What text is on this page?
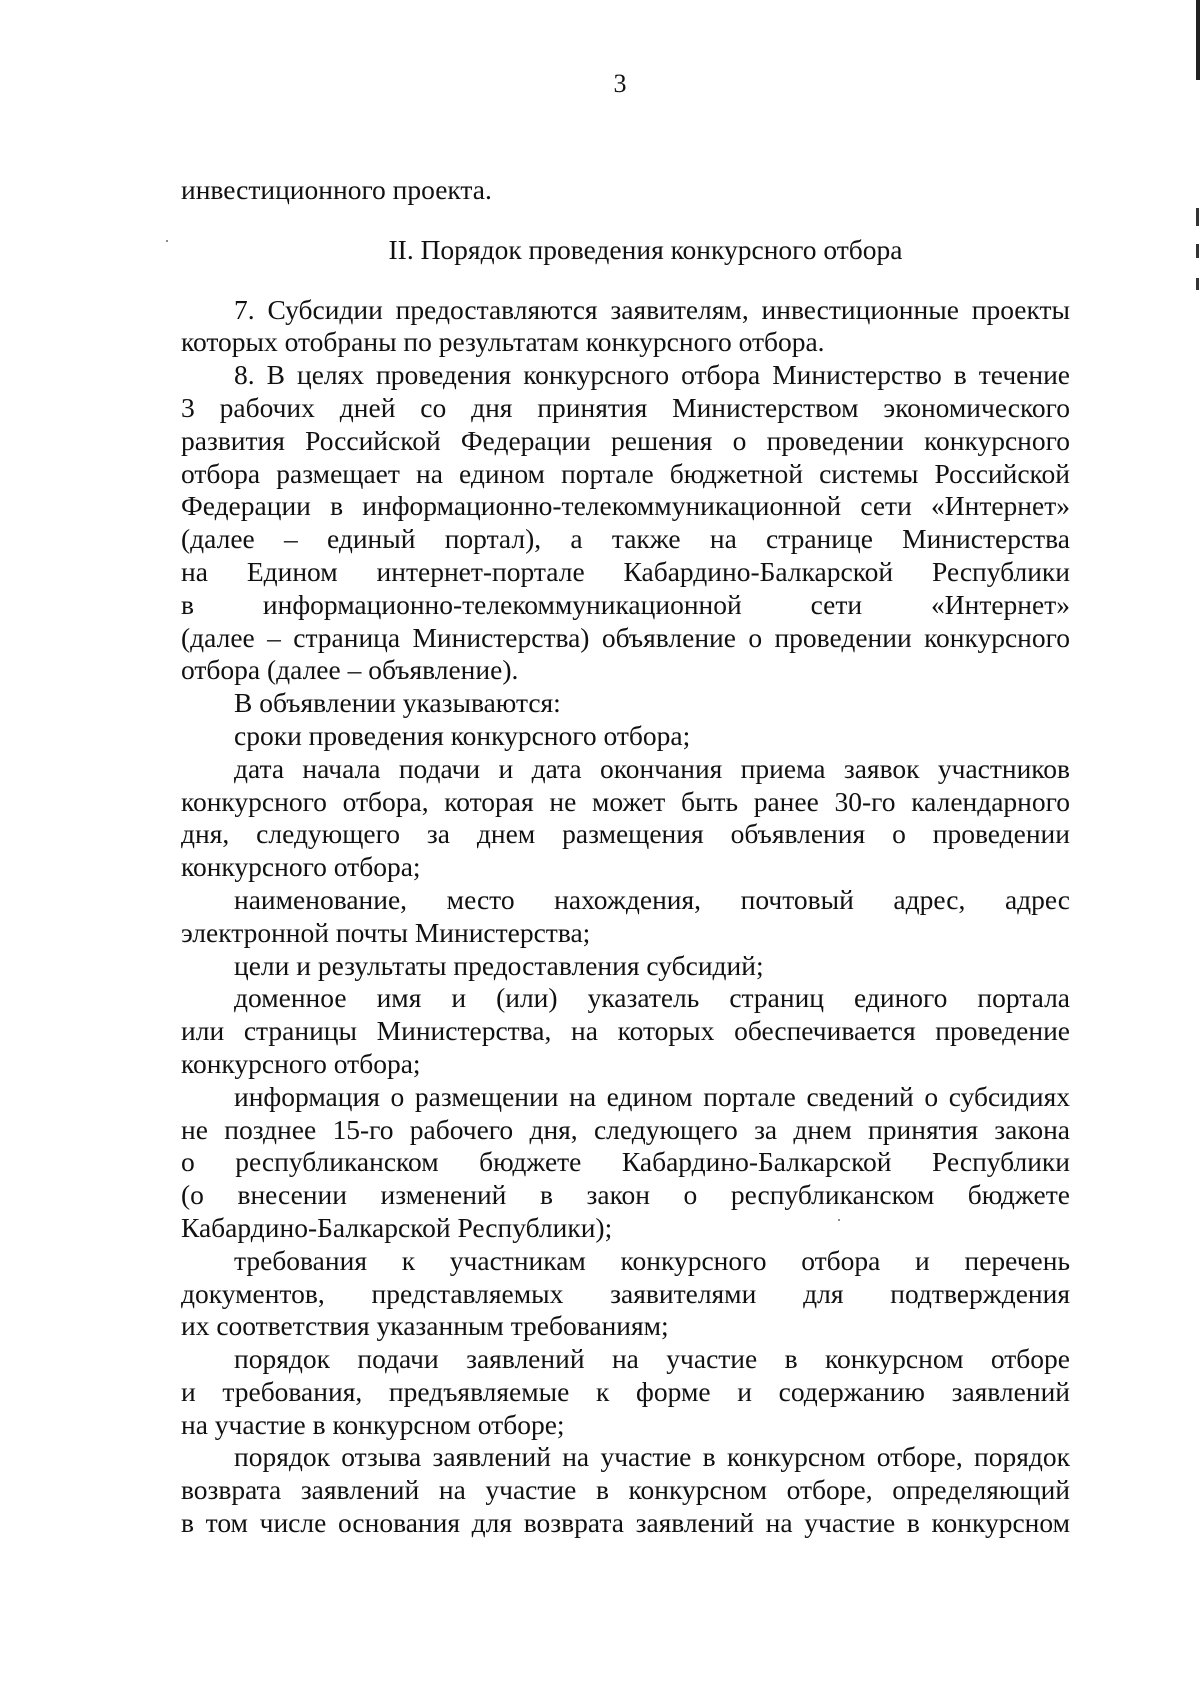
3
инвестиционного проекта.
II. Порядок проведения конкурсного отбора
7. Субсидии предоставляются заявителям, инвестиционные проекты
которых отобраны по результатам конкурсного отбора.
8. В целях проведения конкурсного отбора Министерство в течение
3 рабочих дней со дня принятия Министерством экономического
развития Российской Федерации решения о проведении конкурсного
отбора размещает на едином портале бюджетной системы Российской
Федерации в информационно-телекоммуникационной сети «Интернет»
(далее – единый портал), а также на странице Министерства
на Едином интернет-портале Кабардино-Балкарской Республики
в информационно-телекоммуникационной сети «Интернет»
(далее – страница Министерства) объявление о проведении конкурсного
отбора (далее – объявление).
В объявлении указываются:
сроки проведения конкурсного отбора;
дата начала подачи и дата окончания приема заявок участников
конкурсного отбора, которая не может быть ранее 30-го календарного
дня, следующего за днем размещения объявления о проведении
конкурсного отбора;
наименование, место нахождения, почтовый адрес, адрес
электронной почты Министерства;
цели и результаты предоставления субсидий;
доменное имя и (или) указатель страниц единого портала
или страницы Министерства, на которых обеспечивается проведение
конкурсного отбора;
информация о размещении на едином портале сведений о субсидиях
не позднее 15-го рабочего дня, следующего за днем принятия закона
о республиканском бюджете Кабардино-Балкарской Республики
(о внесении изменений в закон о республиканском бюджете
Кабардино-Балкарской Республики);
требования к участникам конкурсного отбора и перечень
документов, представляемых заявителями для подтверждения
их соответствия указанным требованиям;
порядок подачи заявлений на участие в конкурсном отборе
и требования, предъявляемые к форме и содержанию заявлений
на участие в конкурсном отборе;
порядок отзыва заявлений на участие в конкурсном отборе, порядок
возврата заявлений на участие в конкурсном отборе, определяющий
в том числе основания для возврата заявлений на участие в конкурсном
